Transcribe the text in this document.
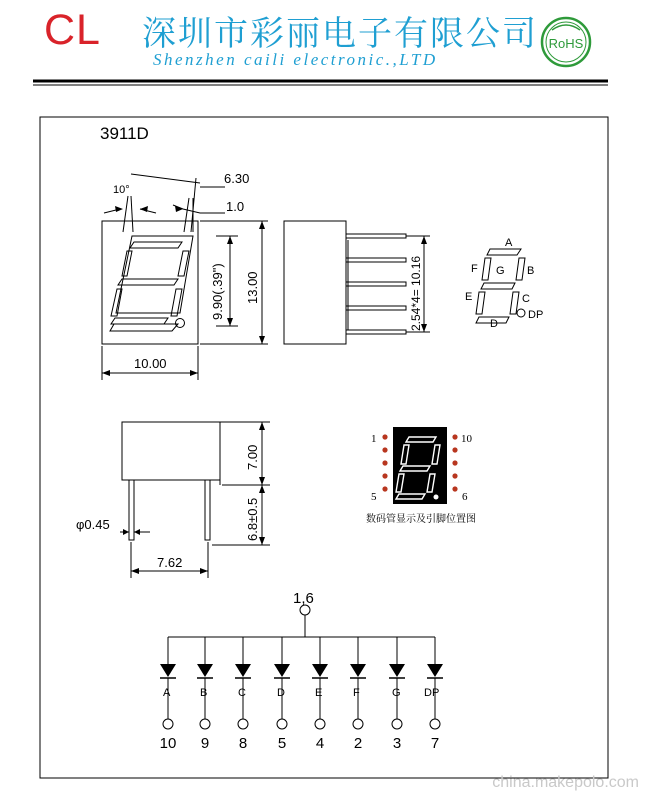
CL 深圳市彩丽电子有限公司
Shenzhen caili electronic.,LTD
RoHS
3911D
10°
6.30
1.0
9.90(.39") 13.00
10.00
2.54*4= 10.16
A
B
C
D
E
F G
DP
7.00
6.8±0.5
φ0.45
7.62
1	10
5	6
数码管显示及引脚位置图
1,6
A
10
B
9
C
8
D
5
E
4
F
2
G
3
DP
7
china.makepolo.com
